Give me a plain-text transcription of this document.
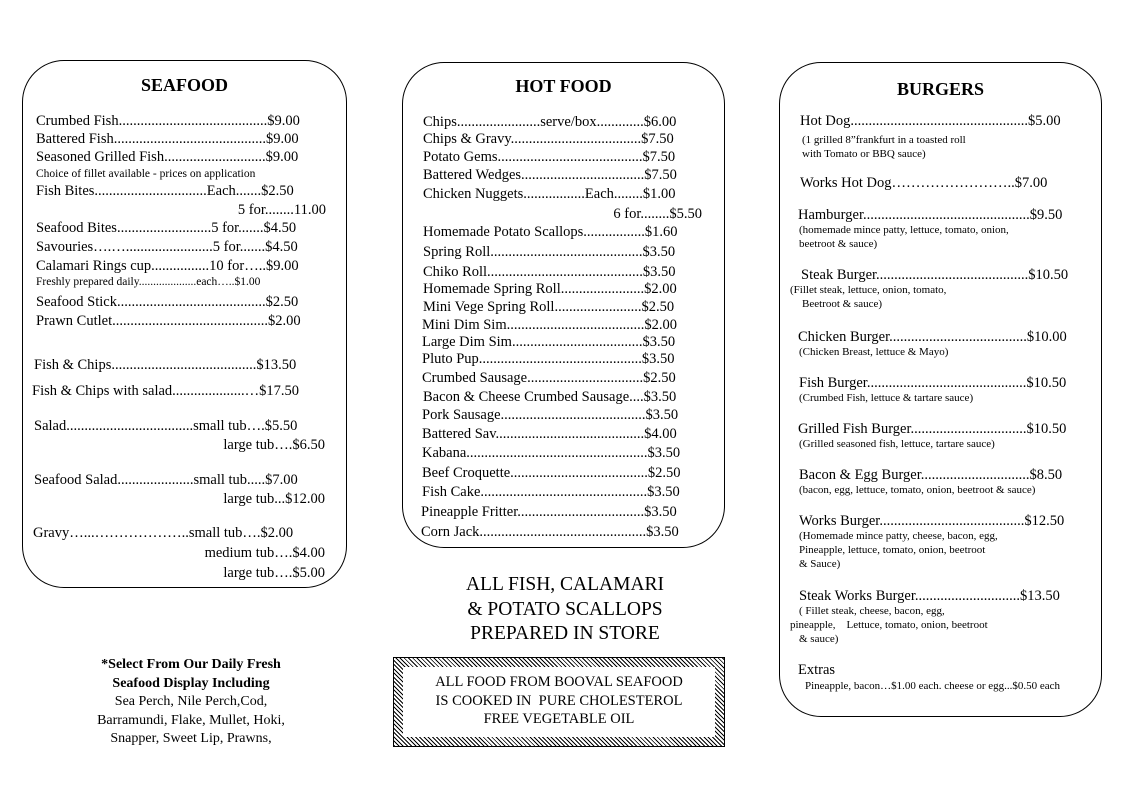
SEAFOOD
Crumbed Fish.........................................$9.00
Battered Fish..........................................$9.00
Seasoned Grilled Fish............................$9.00
Choice of fillet available - prices on application
Fish Bites...............................Each.......$2.50
5 for........11.00
Seafood Bites..........................5 for.......$4.50
Savouries….…........................5 for.......$4.50
Calamari Rings cup................10 for…..$9.00
Freshly prepared daily....................each…..$1.00
Seafood Stick.........................................$2.50
Prawn Cutlet...........................................$2.00
Fish & Chips........................................$13.50
Fish & Chips with salad....................…$17.50
Salad...................................small tub….$5.50
large tub….$6.50
Seafood Salad.....................small tub.....$7.00
large tub...$12.00
Gravy…...………………..small tub….$2.00
medium tub….$4.00
large tub….$5.00
*Select From Our Daily Fresh
Seafood Display Including
Sea Perch, Nile Perch,Cod,
Barramundi, Flake, Mullet, Hoki,
Snapper, Sweet Lip, Prawns,
HOT FOOD
Chips.......................serve/box.............$6.00
Chips & Gravy....................................$7.50
Potato Gems........................................$7.50
Battered Wedges..................................$7.50
Chicken Nuggets.................Each........$1.00
6 for........$5.50
Homemade Potato Scallops.................$1.60
Spring Roll..........................................$3.50
Chiko Roll...........................................$3.50
Homemade Spring Roll.......................$2.00
Mini Vege Spring Roll........................$2.50
Mini Dim Sim......................................$2.00
Large Dim Sim....................................$3.50
Pluto Pup.............................................$3.50
Crumbed Sausage................................$2.50
Bacon & Cheese Crumbed Sausage....$3.50
Pork Sausage........................................$3.50
Battered Sav.........................................$4.00
Kabana..................................................$3.50
Beef Croquette......................................$2.50
Fish Cake..............................................$3.50
Pineapple Fritter...................................$3.50
Corn Jack..............................................$3.50
ALL FISH, CALAMARI
& POTATO SCALLOPS
PREPARED IN STORE
ALL FOOD FROM BOOVAL SEAFOOD
IS COOKED IN  PURE CHOLESTEROL
FREE VEGETABLE OIL
BURGERS
Hot Dog.................................................$5.00
(1 grilled 8”frankfurt in a toasted roll
with Tomato or BBQ sauce)
Works Hot Dog……………………..$7.00
Hamburger..............................................$9.50
(homemade mince patty, lettuce, tomato, onion,
beetroot & sauce)
Steak Burger..........................................$10.50
(Fillet steak, lettuce, onion, tomato,
Beetroot & sauce)
Chicken Burger......................................$10.00
(Chicken Breast, lettuce & Mayo)
Fish Burger............................................$10.50
(Crumbed Fish, lettuce & tartare sauce)
Grilled Fish Burger................................$10.50
(Grilled seasoned fish, lettuce, tartare sauce)
Bacon & Egg Burger..............................$8.50
(bacon, egg, lettuce, tomato, onion, beetroot & sauce)
Works Burger........................................$12.50
(Homemade mince patty, cheese, bacon, egg,
Pineapple, lettuce, tomato, onion, beetroot
& Sauce)
Steak Works Burger.............................$13.50
( Fillet steak, cheese, bacon, egg,
pineapple,    Lettuce, tomato, onion, beetroot
& sauce)
Extras
Pineapple, bacon…$1.00 each. cheese or egg...$0.50 each
